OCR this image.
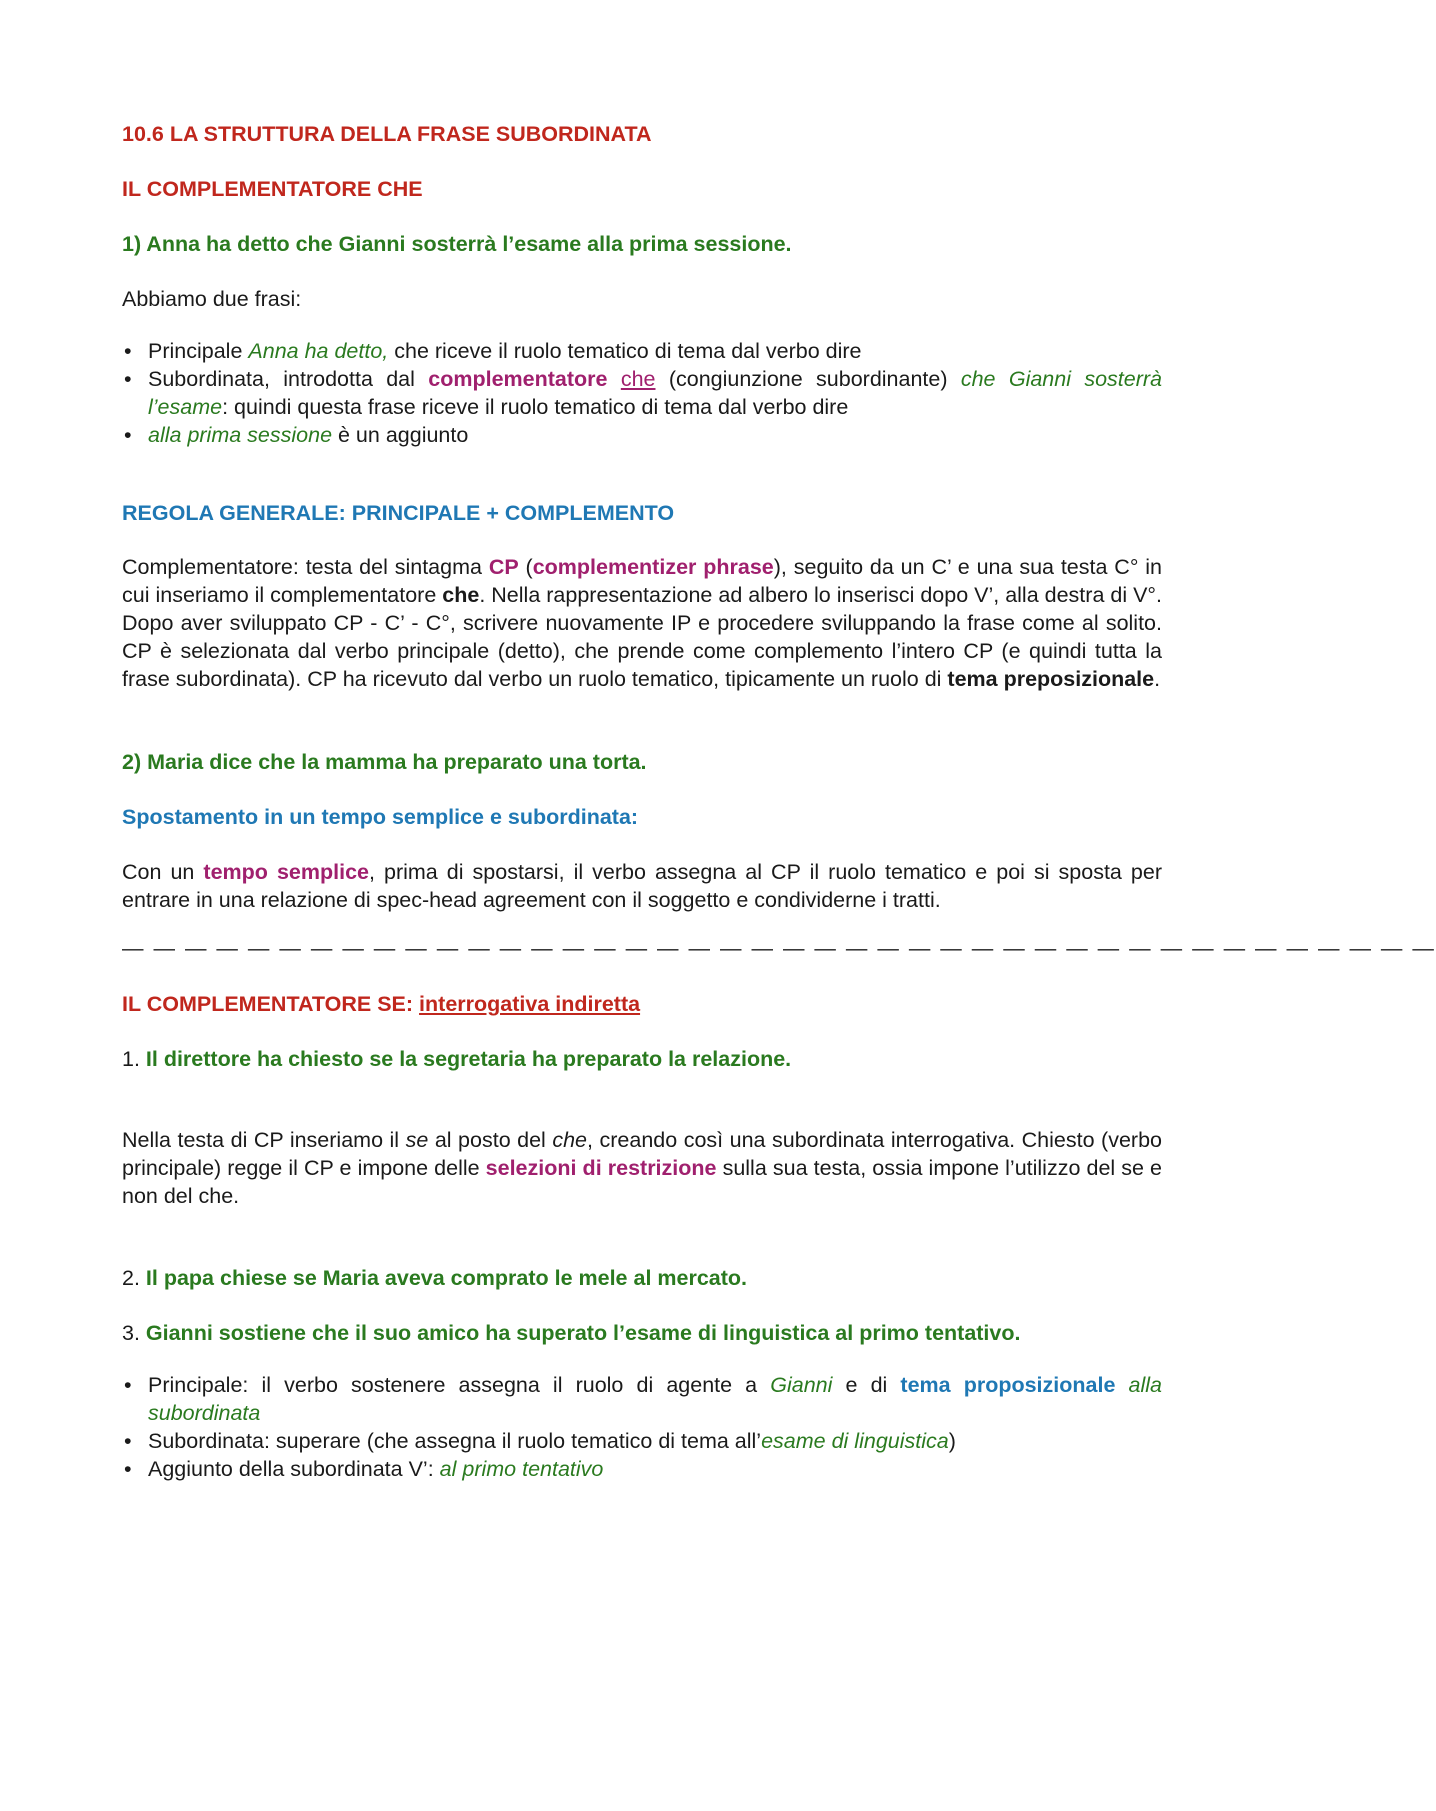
10.6 LA STRUTTURA DELLA FRASE SUBORDINATA

IL COMPLEMENTATORE CHE

1) Anna ha detto che Gianni sosterrà l’esame alla prima sessione.

Abbiamo due frasi:

• Principale Anna ha detto, che riceve il ruolo tematico di tema dal verbo dire
• Subordinata, introdotta dal complementatore che (congiunzione subordinante) che Gianni sosterrà l’esame: quindi questa frase riceve il ruolo tematico di tema dal verbo dire
• alla prima sessione è un aggiunto

REGOLA GENERALE: PRINCIPALE + COMPLEMENTO

Complementatore: testa del sintagma CP (complementizer phrase), seguito da un C’ e una sua testa C° in cui inseriamo il complementatore che. Nella rappresentazione ad albero lo inserisci dopo V’, alla destra di V°. Dopo aver sviluppato CP - C’ - C°, scrivere nuovamente IP e procedere sviluppando la frase come al solito. CP è selezionata dal verbo principale (detto), che prende come complemento l’intero CP (e quindi tutta la frase subordinata). CP ha ricevuto dal verbo un ruolo tematico, tipicamente un ruolo di tema preposizionale.

2) Maria dice che la mamma ha preparato una torta.

Spostamento in un tempo semplice e subordinata:

Con un tempo semplice, prima di spostarsi, il verbo assegna al CP il ruolo tematico e poi si sposta per entrare in una relazione di spec-head agreement con il soggetto e condividerne i tratti.

— — — — — — — — — — — — — — — — — — — — — — — — — — — — — — — — — — — — — — — — — —

IL COMPLEMENTATORE SE: interrogativa indiretta

1. Il direttore ha chiesto se la segretaria ha preparato la relazione.

Nella testa di CP inseriamo il se al posto del che, creando così una subordinata interrogativa. Chiesto (verbo principale) regge il CP e impone delle selezioni di restrizione sulla sua testa, ossia impone l’utilizzo del se e non del che.

2. Il papa chiese se Maria aveva comprato le mele al mercato.

3. Gianni sostiene che il suo amico ha superato l’esame di linguistica al primo tentativo.

• Principale: il verbo sostenere assegna il ruolo di agente a Gianni e di tema proposizionale alla subordinata
• Subordinata: superare (che assegna il ruolo tematico di tema all’esame di linguistica)
• Aggiunto della subordinata V’: al primo tentativo
